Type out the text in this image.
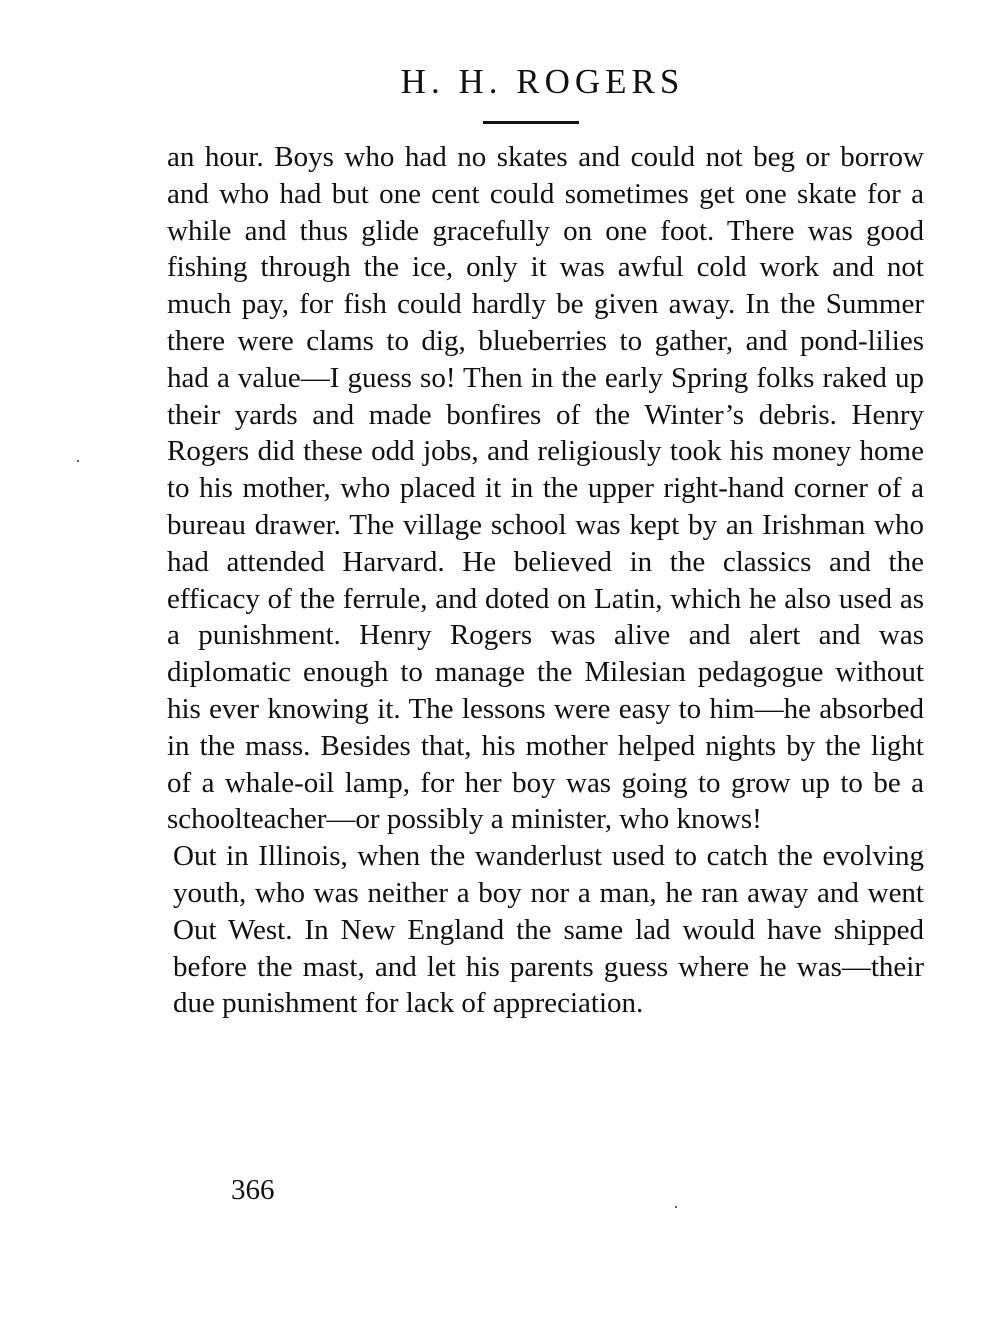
H. H. ROGERS

an hour. Boys who had no skates and could not beg or borrow and who had but one cent could sometimes get one skate for a while and thus glide gracefully on one foot. There was good fishing through the ice, only it was awful cold work and not much pay, for fish could hardly be given away. In the Summer there were clams to dig, blueberries to gather, and pond-lilies had a value—I guess so! Then in the early Spring folks raked up their yards and made bonfires of the Winter’s debris. Henry Rogers did these odd jobs, and religiously took his money home to his mother, who placed it in the upper right-hand corner of a bureau drawer. The village school was kept by an Irishman who had attended Harvard. He believed in the classics and the efficacy of the ferrule, and doted on Latin, which he also used as a punishment. Henry Rogers was alive and alert and was diplomatic enough to manage the Milesian pedagogue without his ever knowing it. The lessons were easy to him—he absorbed in the mass. Besides that, his mother helped nights by the light of a whale-oil lamp, for her boy was going to grow up to be a schoolteacher—or possibly a minister, who knows!

Out in Illinois, when the wanderlust used to catch the evolving youth, who was neither a boy nor a man, he ran away and went Out West. In New England the same lad would have shipped before the mast, and let his parents guess where he was—their due punishment for lack of appreciation.

366
